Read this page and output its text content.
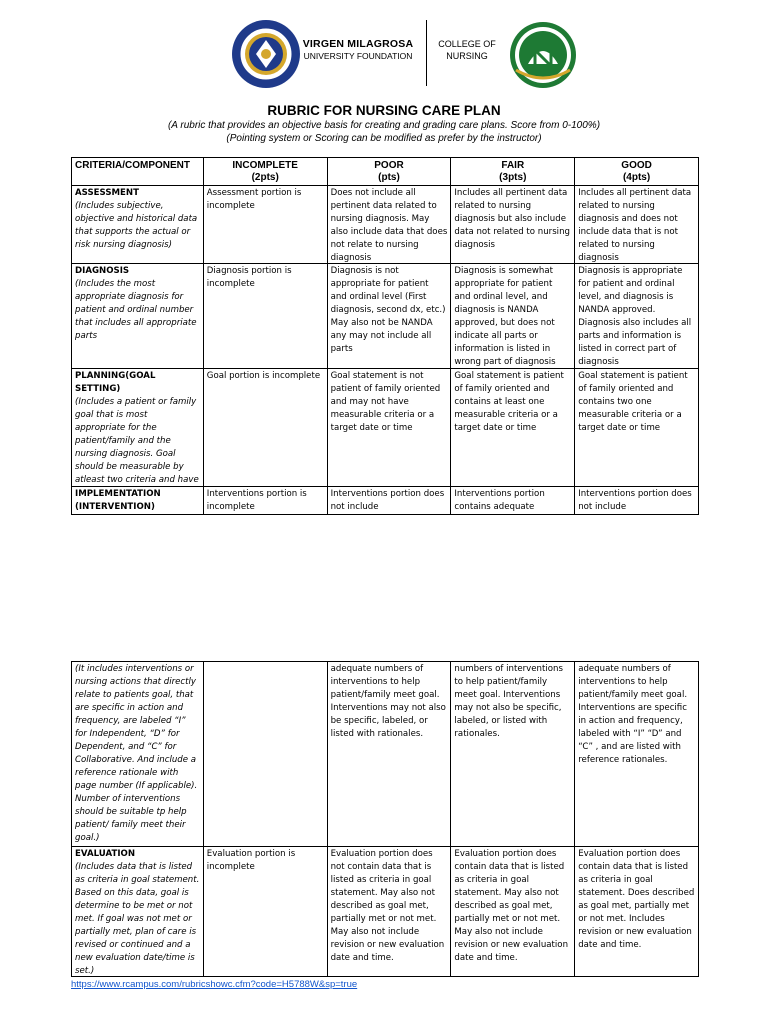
VIRGEN MILAGROSA
UNIVERSITY FOUNDATION
COLLEGE OF
NURSING
RUBRIC FOR NURSING CARE PLAN
(A rubric that provides an objective basis for creating and grading care plans. Score from 0-100%)
(Pointing system or Scoring can be modified as prefer by the instructor)
CRITERIA/COMPONENT	INCOMPLETE
(2pts)
POOR
(pts)
FAIR
(3pts)
GOOD
(4pts)
ASSESSMENT
(Includes subjective, objective and historical data that supports the actual or risk nursing diagnosis)
Assessment portion is incomplete
Does not include all pertinent data related to nursing diagnosis. May also include data that does not relate to nursing diagnosis
Includes all pertinent data related to nursing diagnosis but also include data not related to nursing diagnosis
Includes all pertinent data related to nursing diagnosis and does not include data that is not related to nursing diagnosis
DIAGNOSIS
(Includes the most appropriate diagnosis for patient and ordinal number that includes all appropriate parts
Diagnosis portion is incomplete
Diagnosis is not appropriate for patient and ordinal level (First diagnosis, second dx, etc.) May also not be NANDA any may not include all parts
Diagnosis is somewhat appropriate for patient and ordinal level, and diagnosis is NANDA approved, but does not indicate all parts or information is listed in wrong part of diagnosis
Diagnosis is appropriate for patient and ordinal level, and diagnosis is NANDA approved. Diagnosis also includes all parts and information is listed in correct part of diagnosis
PLANNING(GOAL SETTING)
(Includes a patient or family goal that is most appropriate for the patient/family and the nursing diagnosis. Goal should be measurable by atleast two criteria and have
Goal portion is incomplete	Goal statement is not patient of family oriented and may not have measurable criteria or a target date or time
Goal statement is patient of family oriented and contains at least one measurable criteria or a target date or time
Goal statement is patient of family oriented and contains two one measurable criteria or a target date or time
IMPLEMENTATION (INTERVENTION)
Interventions portion is incomplete
Interventions portion does not include
Interventions portion contains adequate
Interventions portion does not include
(It includes interventions or nursing actions that directly relate to patients goal, that are specific in action and frequency, are labeled “I” for Independent, “D” for Dependent, and “C” for Collaborative. And include a reference rationale with page number (If applicable). Number of interventions should be suitable tp help patient/ family meet their goal.)
adequate numbers of interventions to help patient/family meet goal. Interventions may not also be specific, labeled, or listed with rationales.
numbers of interventions to help patient/family meet goal. Interventions may not also be specific, labeled, or listed with rationales.
adequate numbers of interventions to help patient/family meet goal. Interventions are specific in action and frequency, labeled with “I” “D” and “C” , and are listed with reference rationales.
EVALUATION
(Includes data that is listed as criteria in goal statement. Based on this data, goal is determine to be met or not met. If goal was not met or partially met, plan of care is revised or continued and a new evaluation date/time is set.)
Evaluation portion is incomplete
Evaluation portion does not contain data that is listed as criteria in goal statement. May also not described as goal met, partially met or not met. May also not include revision or new evaluation date and time.
Evaluation portion does contain data that is listed as criteria in goal statement. May also not described as goal met, partially met or not met. May also not include revision or new evaluation date and time.
Evaluation portion does contain data that is listed as criteria in goal statement. Does described as goal met, partially met or not met. Includes revision or new evaluation date and time.
https://www.rcampus.com/rubricshowc.cfm?code=H5788W&sp=true
